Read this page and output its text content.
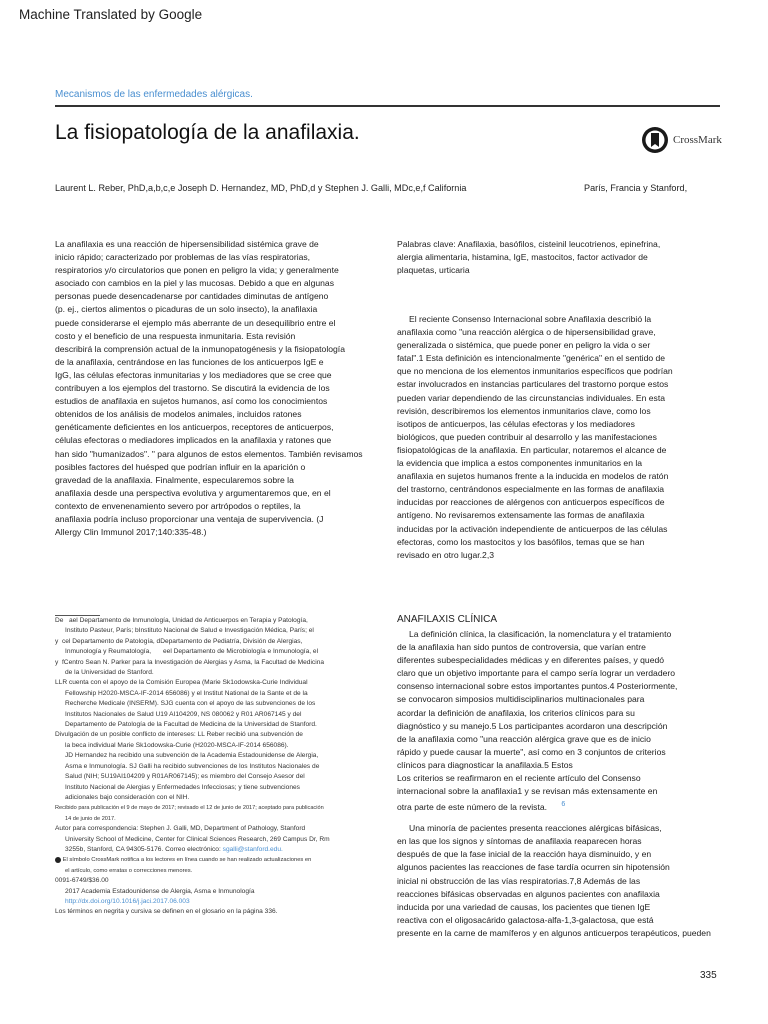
Machine Translated by Google
Mecanismos de las enfermedades alérgicas.
La fisiopatología de la anafilaxia.	CrossMark
Laurent L. Reber, PhD,a,b,c,e Joseph D. Hernandez, MD, PhD,d y Stephen J. Galli, MDc,e,f California	París, Francia y Stanford,

La anafilaxia es una reacción de hipersensibilidad sistémica grave de

inicio rápido; caracterizado por problemas de las vías respiratorias,

respiratorios y/o circulatorios que ponen en peligro la vida; y generalmente

asociado con cambios en la piel y las mucosas. Debido a que en algunas

personas puede desencadenarse por cantidades diminutas de antígeno

(p. ej., ciertos alimentos o picaduras de un solo insecto), la anafilaxia

puede considerarse el ejemplo más aberrante de un desequilibrio entre el

costo y el beneficio de una respuesta inmunitaria. Esta revisión

describirá la comprensión actual de la inmunopatogénesis y la fisiopatología

de la anafilaxia, centrándose en las funciones de los anticuerpos IgE e

IgG, las células efectoras inmunitarias y los mediadores que se cree que

contribuyen a los ejemplos del trastorno. Se discutirá la evidencia de los

estudios de anafilaxia en sujetos humanos, así como los conocimientos

obtenidos de los análisis de modelos animales, incluidos ratones

genéticamente deficientes en los anticuerpos, receptores de anticuerpos,

células efectoras o mediadores implicados en la anafilaxia y ratones que

han sido "humanizados". " para algunos de estos elementos. También revisamos

posibles factores del huésped que podrían influir en la aparición o

gravedad de la anafilaxia. Finalmente, especularemos sobre la

anafilaxia desde una perspectiva evolutiva y argumentaremos que, en el

contexto de envenenamiento severo por artrópodos o reptiles, la

anafilaxia podría incluso proporcionar una ventaja de supervivencia. (J

Allergy Clin Immunol 2017;140:335-48.)

Palabras clave: Anafilaxia, basófilos, cisteinil leucotrienos, epinefrina,

alergia alimentaria, histamina, IgE, mastocitos, factor activador de

plaquetas, urticaria

El reciente Consenso Internacional sobre Anafilaxia describió la

anafilaxia como "una reacción alérgica o de hipersensibilidad grave,

generalizada o sistémica, que puede poner en peligro la vida o ser

fatal".1 Esta definición es intencionalmente "genérica" en el sentido de

que no menciona de los elementos inmunitarios específicos que podrían

estar involucrados en instancias particulares del trastorno porque estos

pueden variar dependiendo de las circunstancias individuales. En esta

revisión, describiremos los elementos inmunitarios clave, como los

isotipos de anticuerpos, las células efectoras y los mediadores

biológicos, que pueden contribuir al desarrollo y las manifestaciones

fisiopatológicas de la anafilaxia. En particular, notaremos el alcance de

la evidencia que implica a estos componentes inmunitarios en la

anafilaxia en sujetos humanos frente a la inducida en modelos de ratón

del trastorno, centrándonos especialmente en las formas de anafilaxia

inducidas por reacciones de alérgenos con anticuerpos específicos de

antígeno. No revisaremos extensamente las formas de anafilaxia

inducidas por la activación independiente de anticuerpos de las células

efectoras, como los mastocitos y los basófilos, temas que se han

revisado en otro lugar.2,3

De ael Departamento de Inmunología, Unidad de Anticuerpos en Terapia y Patología,

Instituto Pasteur, París; bInstituto Nacional de Salud e Investigación Médica, París; el

y cel Departamento de Patología, dDepartamento de Pediatría, División de Alergias,

Inmunología y Reumatología,	eel Departamento de Microbiología e Inmunología, el

y fCentro Sean N. Parker para la Investigación de Alergias y Asma, la Facultad de Medicina

de la Universidad de Stanford.

LLR cuenta con el apoyo de la Comisión Europea (Marie Sk1odowska-Curie Individual

Fellowship H2020-MSCA-IF-2014 656086) y el Institut National de la Sante et de la

Recherche Medicale (INSERM). SJG cuenta con el apoyo de las subvenciones de los

Institutos Nacionales de Salud U19 AI104209, NS 080062 y R01 AR067145 y del

Departamento de Patología de la Facultad de Medicina de la Universidad de Stanford.

Divulgación de un posible conflicto de intereses: LL Reber recibió una subvención de

la beca individual Marie Sk1odowska-Curie (H2020-MSCA-IF-2014 656086).

JD Hernandez ha recibido una subvención de la Academia Estadounidense de Alergia,

Asma e Inmunología. SJ Galli ha recibido subvenciones de los Institutos Nacionales de

Salud (NIH; 5U19AI104209 y R01AR067145); es miembro del Consejo Asesor del

Instituto Nacional de Alergias y Enfermedades Infecciosas; y tiene subvenciones

adicionales bajo consideración con el NIH.

Recibido para publicación el 9 de mayo de 2017; revisado el 12 de junio de 2017; aceptado para publicación

14 de junio de 2017.

Autor para correspondencia: Stephen J. Galli, MD, Department of Pathology, Stanford

University School of Medicine, Center for Clinical Sciences Research, 269 Campus Dr, Rm

3255b, Stanford, CA 94305-5176. Correo electrónico: sgalli@stanford.edu.

El símbolo CrossMark notifica a los lectores en línea cuando se han realizado actualizaciones en

el artículo, como erratas o correcciones menores.

0091-6749/$36.00

2017 Academia Estadounidense de Alergia, Asma e Inmunología

http://dx.doi.org/10.1016/j.jaci.2017.06.003

Los términos en negrita y cursiva se definen en el glosario en la página 336.

ANAFILAXIS CLÍNICA

La definición clínica, la clasificación, la nomenclatura y el tratamiento

de la anafilaxia han sido puntos de controversia, que varían entre

diferentes subespecialidades médicas y en diferentes países, y quedó

claro que un objetivo importante para el campo sería lograr un verdadero

consenso internacional sobre estos importantes puntos.4 Posteriormente,

se convocaron simposios multidisciplinarios multinacionales para

acordar la definición de anafilaxia, los criterios clínicos para su

diagnóstico y su manejo.5 Los participantes acordaron una descripción

de la anafilaxia como "una reacción alérgica grave que es de inicio

rápido y puede causar la muerte", así como en 3 conjuntos de criterios

clínicos para diagnosticar la anafilaxia.5 Estos

Los criterios se reafirmaron en el reciente artículo del Consenso

internacional sobre la anafilaxia1 y se revisan más extensamente en

otra parte de este número de la revista. $^6$

Una minoría de pacientes presenta reacciones alérgicas bifásicas,

en las que los signos y síntomas de anafilaxia reaparecen horas

después de que la fase inicial de la reacción haya disminuido, y en

algunos pacientes las reacciones de fase tardía ocurren sin hipotensión

inicial ni obstrucción de las vías respiratorias.7,8 Además de las

reacciones bifásicas observadas en algunos pacientes con anafilaxia

inducida por una variedad de causas, los pacientes que tienen IgE

reactiva con el oligosacárido galactosa-alfa-1,3-galactosa, que está

presente en la carne de mamíferos y en algunos anticuerpos terapéuticos, pueden

335
